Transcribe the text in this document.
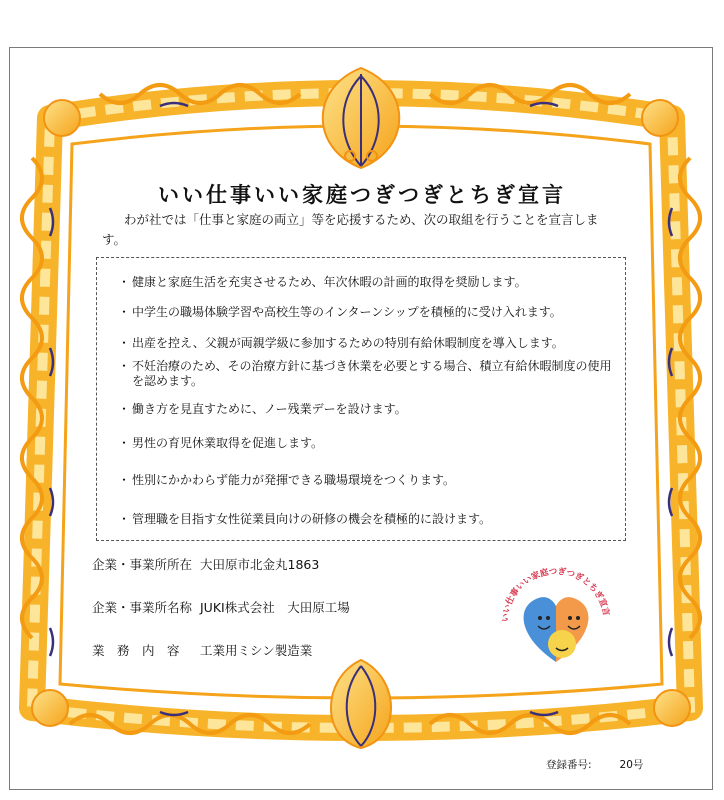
いい仕事いい家庭つぎつぎとちぎ宣言
わが社では「仕事と家庭の両立」等を応援するため、次の取組を行うことを宣言します。
・ 健康と家庭生活を充実させるため、年次休暇の計画的取得を奨励します。
・ 中学生の職場体験学習や高校生等のインターンシップを積極的に受け入れます。
・ 出産を控え、父親が両親学級に参加するための特別有給休暇制度を導入します。
・ 不妊治療のため、その治療方針に基づき休業を必要とする場合、積立有給休暇制度の使用を認めます。
・ 働き方を見直すために、ノー残業デーを設けます。
・ 男性の育児休業取得を促進します。
・ 性別にかかわらず能力が発揮できる職場環境をつくります。
・ 管理職を目指す女性従業員向けの研修の機会を積極的に設けます。
企業・事業所所在 大田原市北金丸1863
企業・事業所名称 JUKI株式会社　大田原工場
業　務　内　容 工業用ミシン製造業
いい仕事いい家庭つぎつぎとちぎ宣言
登録番号:	20号
